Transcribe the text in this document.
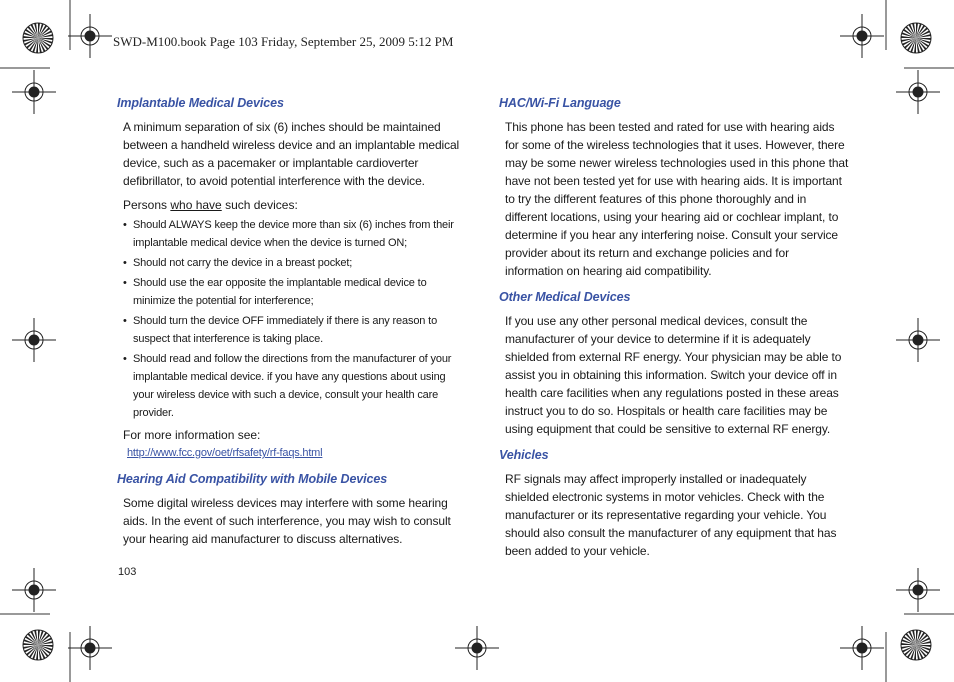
SWD-M100.book Page 103 Friday, September 25, 2009 5:12 PM
Implantable Medical Devices

A minimum separation of six (6) inches should be maintained between a handheld wireless device and an implantable medical device, such as a pacemaker or implantable cardioverter defibrillator, to avoid potential interference with the device.

Persons who have such devices:
• Should ALWAYS keep the device more than six (6) inches from their implantable medical device when the device is turned ON;
• Should not carry the device in a breast pocket;
• Should use the ear opposite the implantable medical device to minimize the potential for interference;
• Should turn the device OFF immediately if there is any reason to suspect that interference is taking place.
• Should read and follow the directions from the manufacturer of your implantable medical device. if you have any questions about using your wireless device with such a device, consult your health care provider.
For more information see:
http://www.fcc.gov/oet/rfsafety/rf-faqs.html
Hearing Aid Compatibility with Mobile Devices

Some digital wireless devices may interfere with some hearing aids. In the event of such interference, you may wish to consult your hearing aid manufacturer to discuss alternatives.

HAC/Wi-Fi Language

This phone has been tested and rated for use with hearing aids for some of the wireless technologies that it uses. However, there may be some newer wireless technologies used in this phone that have not been tested yet for use with hearing aids. It is important to try the different features of this phone thoroughly and in different locations, using your hearing aid or cochlear implant, to determine if you hear any interfering noise. Consult your service provider about its return and exchange policies and for information on hearing aid compatibility.

Other Medical Devices

If you use any other personal medical devices, consult the manufacturer of your device to determine if it is adequately shielded from external RF energy. Your physician may be able to assist you in obtaining this information. Switch your device off in health care facilities when any regulations posted in these areas instruct you to do so. Hospitals or health care facilities may be using equipment that could be sensitive to external RF energy.

Vehicles

RF signals may affect improperly installed or inadequately shielded electronic systems in motor vehicles. Check with the manufacturer or its representative regarding your vehicle. You should also consult the manufacturer of any equipment that has been added to your vehicle.

103
